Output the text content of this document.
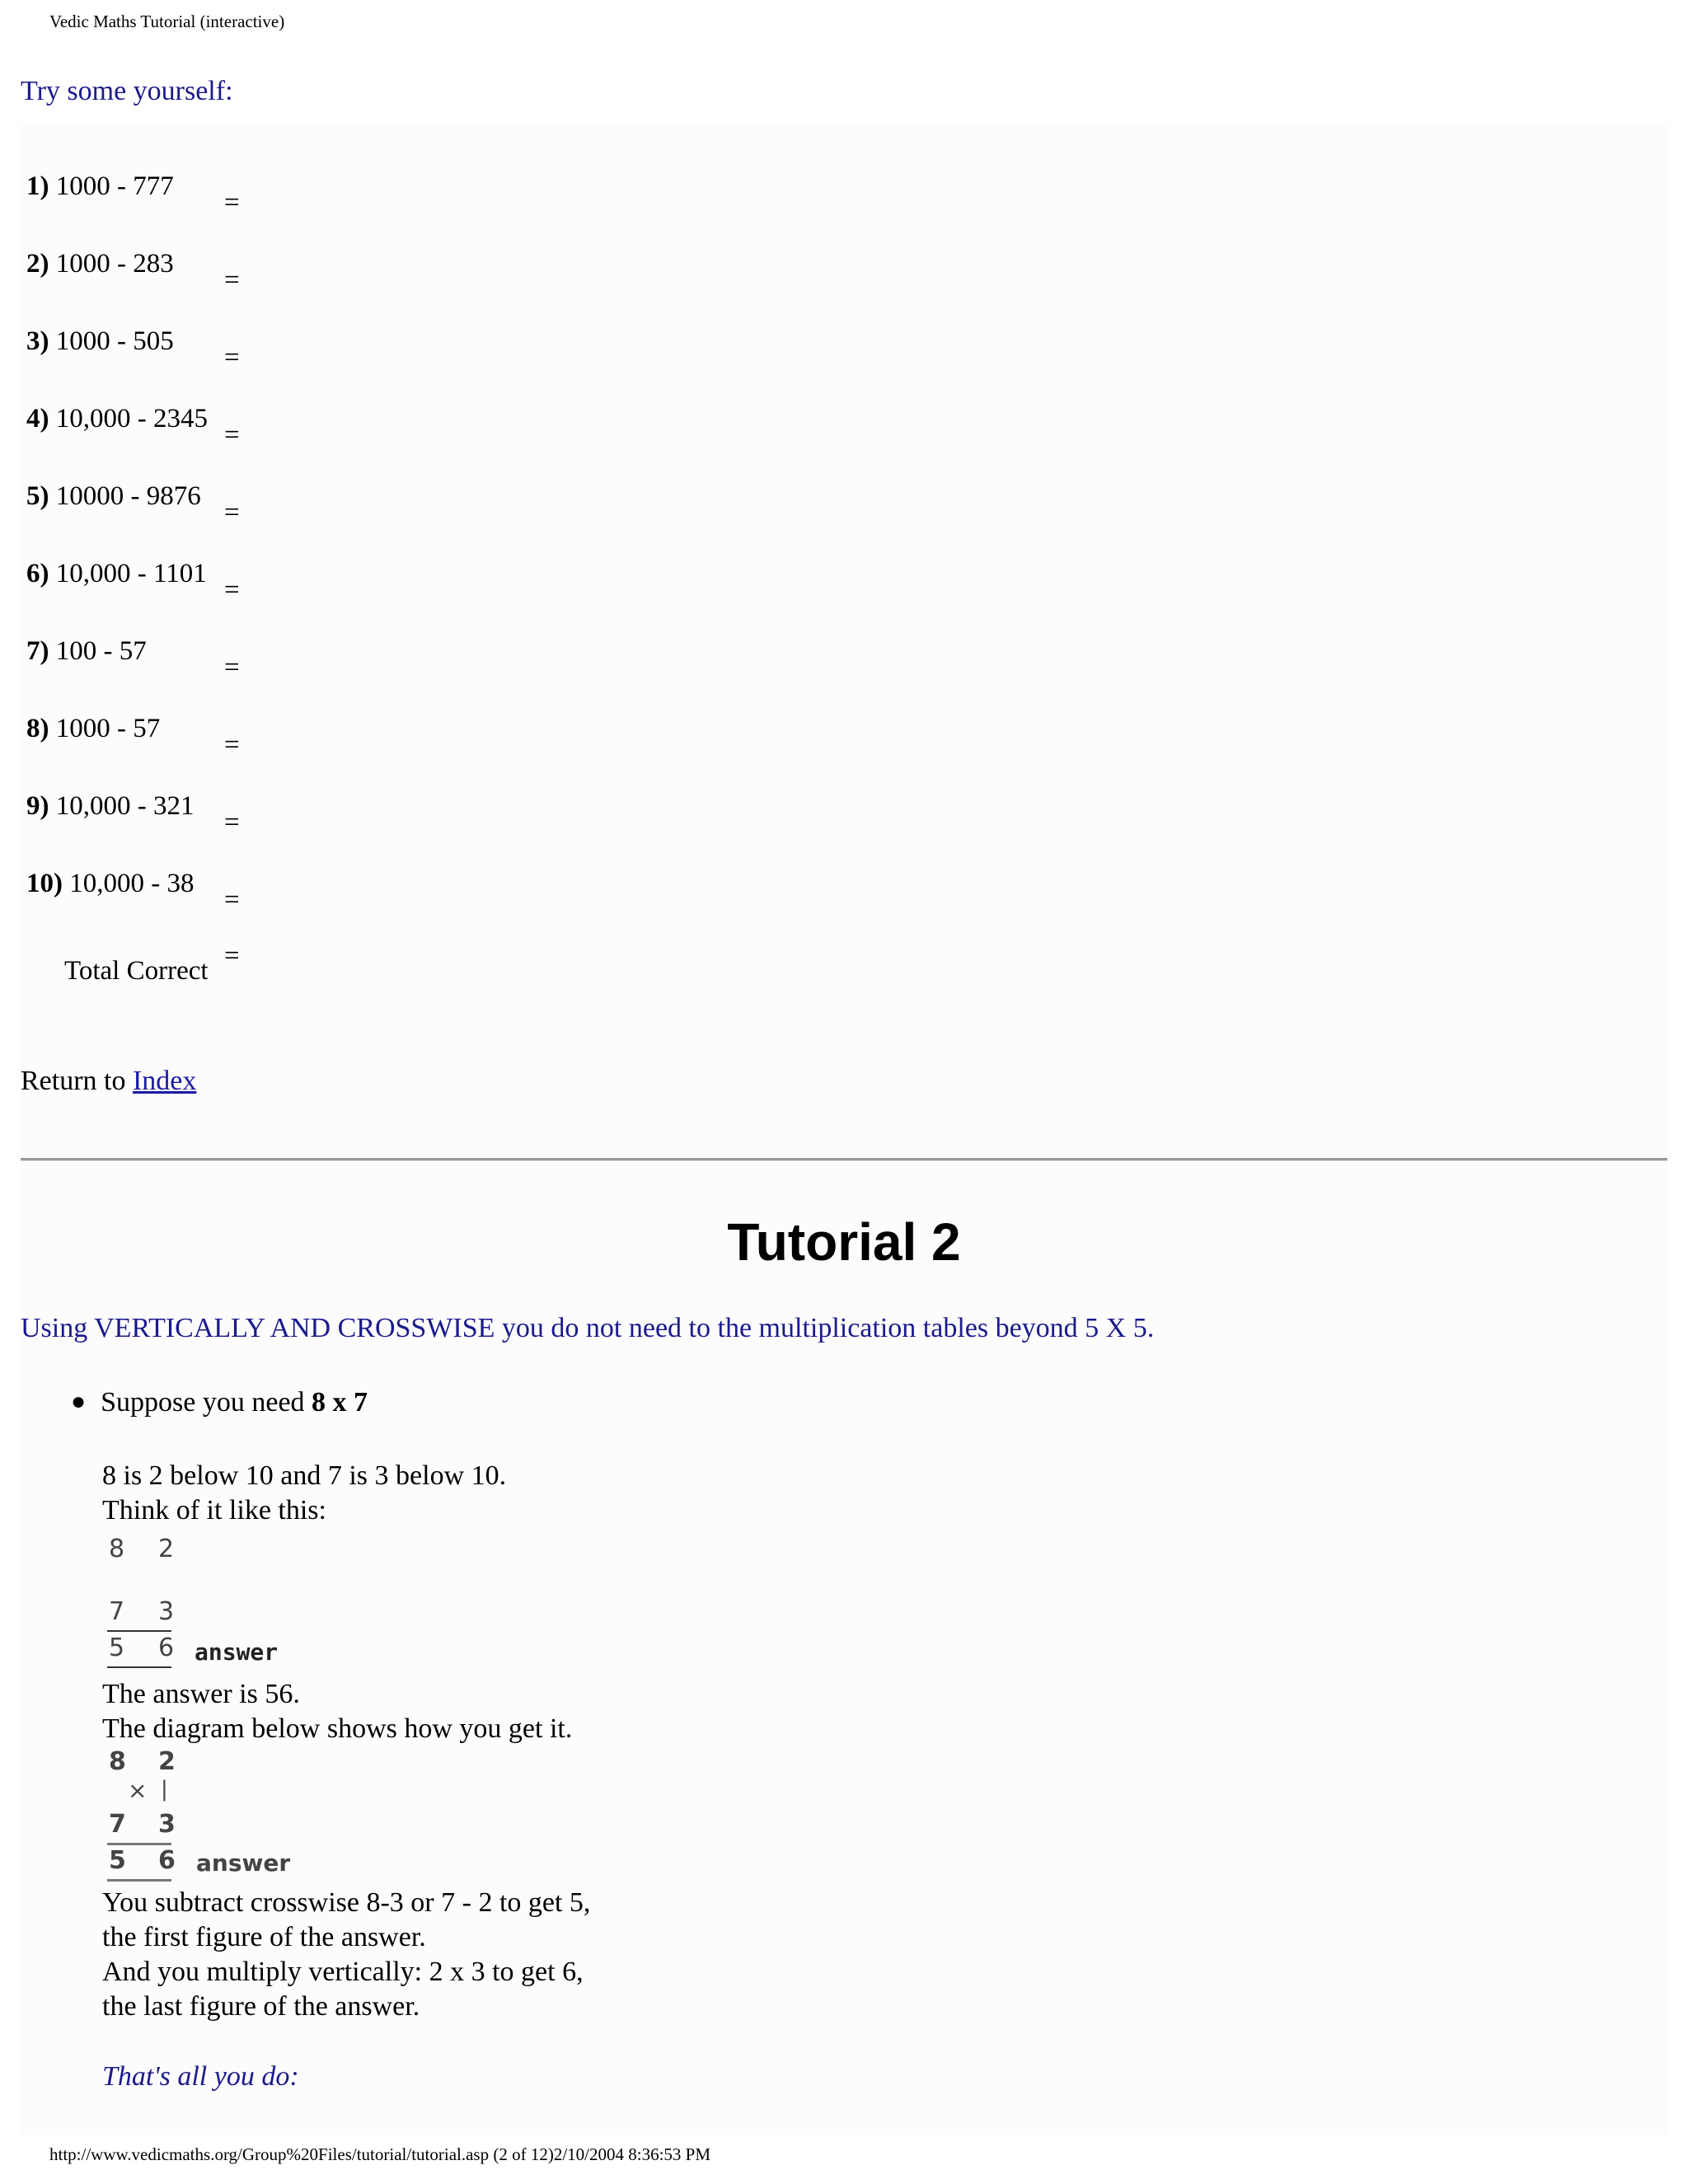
Vedic Maths Tutorial (interactive)
Try some yourself:
1) 1000 - 777
=
2) 1000 - 283
=
3) 1000 - 505
=
4) 10,000 - 2345
=
5) 10000 - 9876
=
6) 10,000 - 1101
=
7) 100 - 57
=
8) 1000 - 57
=
9) 10,000 - 321
=
10) 10,000 - 38
=
Total Correct =
Return to Index
Tutorial 2
Using VERTICALLY AND CROSSWISE you do not need to the multiplication tables beyond 5 X 5.
● Suppose you need 8 x 7
8 is 2 below 10 and 7 is 3 below 10.
Think of it like this:
8 2
7 3
5 6 answer
The answer is 56.
The diagram below shows how you get it.
8 2
× |
7 3
5 6 answer
You subtract crosswise 8-3 or 7 - 2 to get 5,
the first figure of the answer.
And you multiply vertically: 2 x 3 to get 6,
the last figure of the answer.
That's all you do:
http://www.vedicmaths.org/Group%20Files/tutorial/tutorial.asp (2 of 12)2/10/2004 8:36:53 PM
